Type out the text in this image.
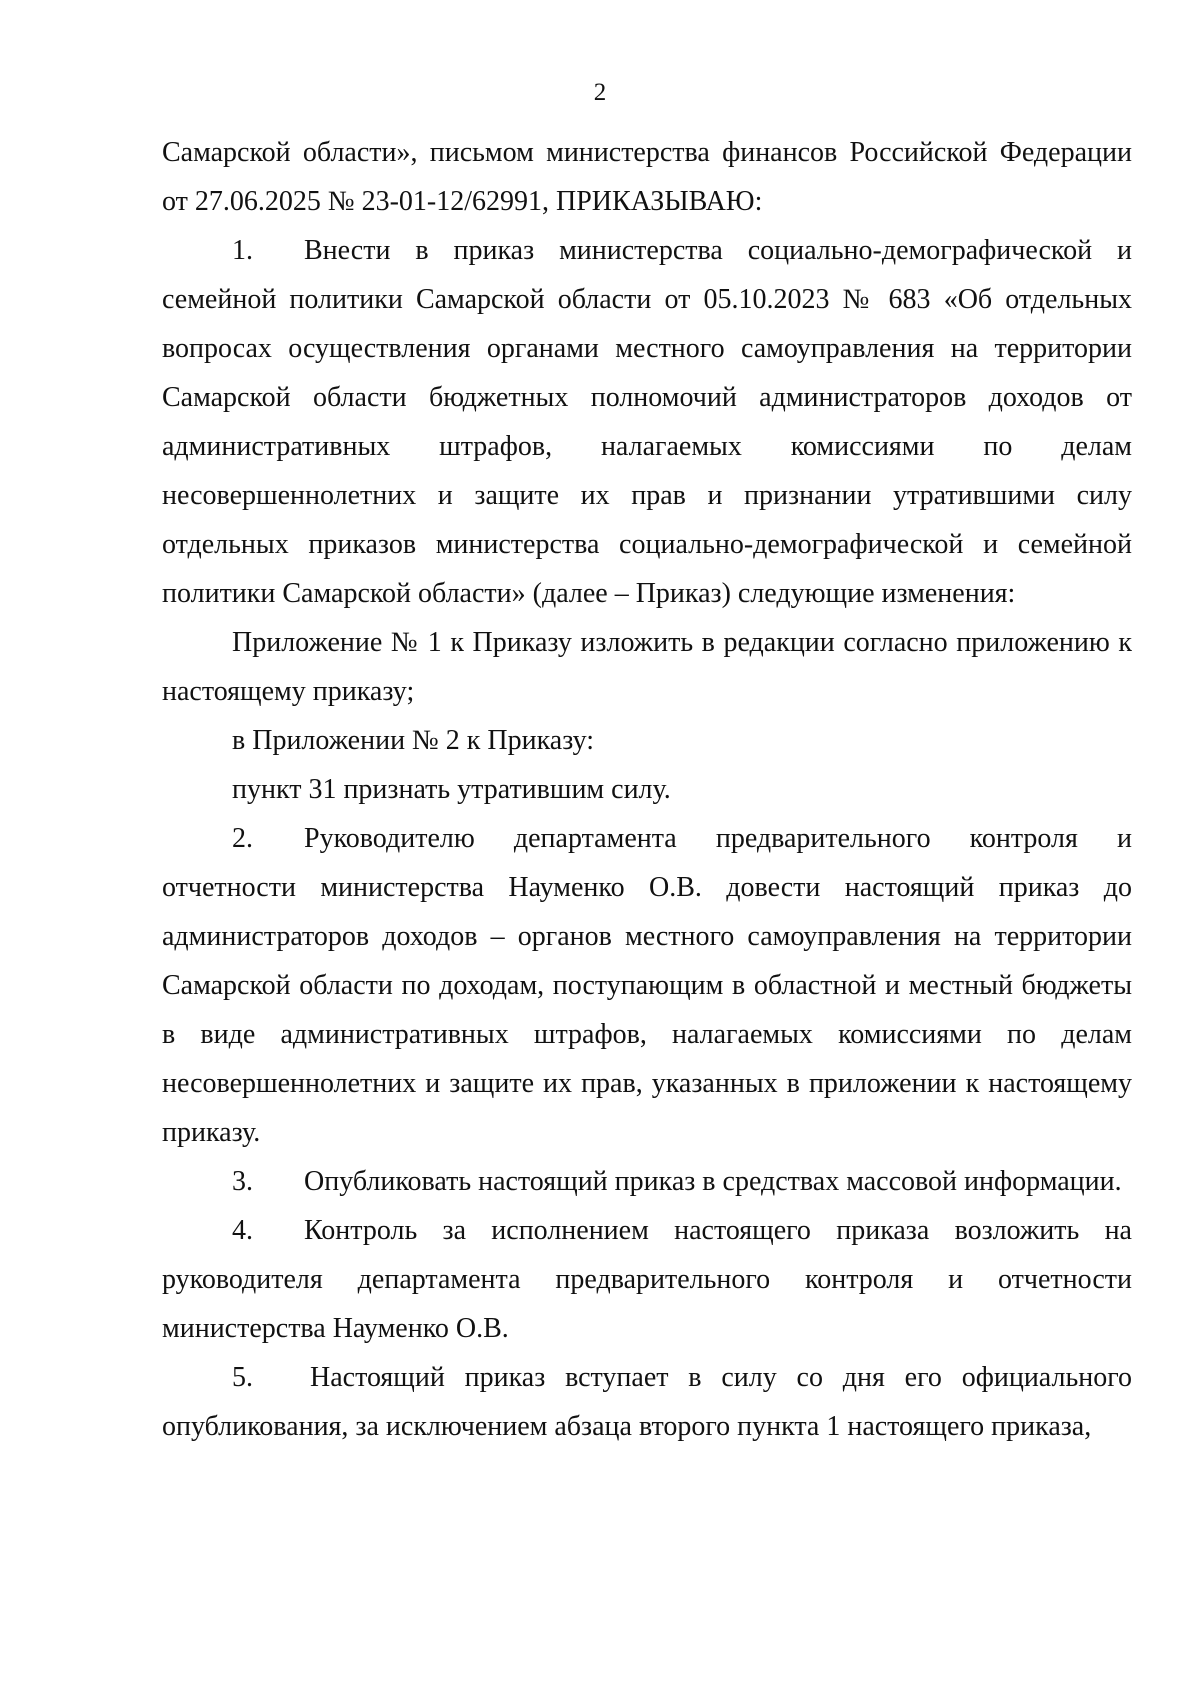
2

Самарской области», письмом министерства финансов Российской Федерации от 27.06.2025 № 23-01-12/62991, ПРИКАЗЫВАЮ:

1. Внести в приказ министерства социально-демографической и семейной политики Самарской области от 05.10.2023 № 683 «Об отдельных вопросах осуществления органами местного самоуправления на территории Самарской области бюджетных полномочий администраторов доходов от административных штрафов, налагаемых комиссиями по делам несовершеннолетних и защите их прав и признании утратившими силу отдельных приказов министерства социально-демографической и семейной политики Самарской области» (далее – Приказ) следующие изменения:

Приложение № 1 к Приказу изложить в редакции согласно приложению к настоящему приказу;

в Приложении № 2 к Приказу:

пункт 31 признать утратившим силу.

2. Руководителю департамента предварительного контроля и отчетности министерства Науменко О.В. довести настоящий приказ до администраторов доходов – органов местного самоуправления на территории Самарской области по доходам, поступающим в областной и местный бюджеты в виде административных штрафов, налагаемых комиссиями по делам несовершеннолетних и защите их прав, указанных в приложении к настоящему приказу.

3. Опубликовать настоящий приказ в средствах массовой информации.

4. Контроль за исполнением настоящего приказа возложить на руководителя департамента предварительного контроля и отчетности министерства Науменко О.В.

5. Настоящий приказ вступает в силу со дня его официального опубликования, за исключением абзаца второго пункта 1 настоящего приказа,
